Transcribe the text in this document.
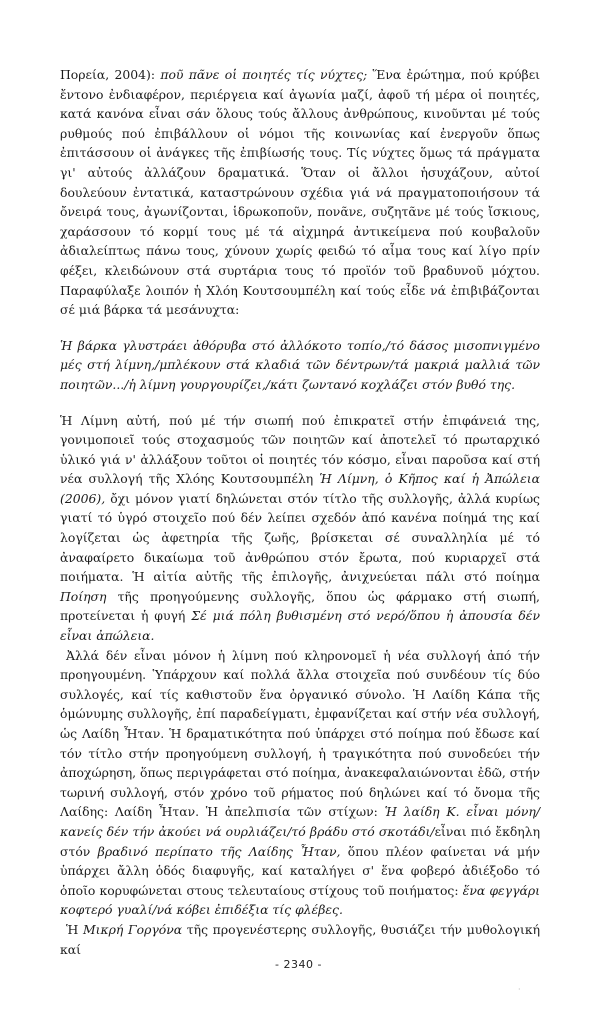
Πορεία, 2004): ποῦ πᾶνε οἱ ποιητές τίς νύχτες; Ἕνα ἐρώτημα, πού κρύβει ἔντονο ἐνδιαφέρον, περιέργεια καί ἀγωνία μαζί, ἀφοῦ τή μέρα οἱ ποιητές, κατά κανόνα εἶναι σάν ὅλους τούς ἄλλους ἀνθρώπους, κινοῦνται μέ τούς ρυθμούς πού ἐπιβάλλουν οἱ νόμοι τῆς κοινωνίας καί ἐνεργοῦν ὅπως ἐπιτάσσουν οἱ ἀνάγκες τῆς ἐπιβίωσής τους. Τίς νύχτες ὅμως τά πράγματα γι' αὐτούς ἀλλάζουν δραματικά. Ὅταν οἱ ἄλλοι ἡσυχάζουν, αὐτοί δουλεύουν ἐντατικά, καταστρώνουν σχέδια γιά νά πραγματοποιήσουν τά ὄνειρά τους, ἀγωνίζονται, ἱδρωκοποῦν, πονᾶνε, συζητᾶνε μέ τούς ἴσκιους, χαράσσουν τό κορμί τους μέ τά αἰχμηρά ἀντικείμενα πού κουβαλοῦν ἀδιαλείπτως πάνω τους, χύνουν χωρίς φειδώ τό αἷμα τους καί λίγο πρίν φέξει, κλειδώνουν στά συρτάρια τους τό προϊόν τοῦ βραδυνοῦ μόχτου. Παραφύλαξε λοιπόν ἡ Χλόη Κουτσουμπέλη καί τούς εἶδε νά ἐπιβιβάζονται σέ μιά βάρκα τά μεσάνυχτα:

Ἡ βάρκα γλυστράει ἀθόρυβα στό ἀλλόκοτο τοπίο,/τό δάσος μισοπνιγμένο μές στή λίμνη,/μπλέκουν στά κλαδιά τῶν δέντρων/τά μακριά μαλλιά τῶν ποιητῶν.../ἡ λίμνη γουργουρίζει,/κάτι ζωντανό κοχλάζει στόν βυθό της.

Ἡ Λίμνη αὐτή, πού μέ τήν σιωπή πού ἐπικρατεῖ στήν ἐπιφάνειά της, γονιμοποιεῖ τούς στοχασμούς τῶν ποιητῶν καί ἀποτελεῖ τό πρωταρχικό ὑλικό γιά ν' ἀλλάξουν τοῦτοι οἱ ποιητές τόν κόσμο, εἶναι παροῦσα καί στή νέα συλλογή τῆς Χλόης Κουτσουμπέλη Ἡ Λίμνη, ὁ Κῆπος καί ἡ Ἀπώλεια (2006), ὄχι μόνον γιατί δηλώνεται στόν τίτλο τῆς συλλογῆς, ἀλλά κυρίως γιατί τό ὑγρό στοιχεῖο πού δέν λείπει σχεδόν ἀπό κανένα ποίημά της καί λογίζεται ὡς ἀφετηρία τῆς ζωῆς, βρίσκεται σέ συναλληλία μέ τό ἀναφαίρετο δικαίωμα τοῦ ἀνθρώπου στόν ἔρωτα, πού κυριαρχεῖ στά ποιήματα. Ἡ αἰτία αὐτῆς τῆς ἐπιλογῆς, ἀνιχνεύεται πάλι στό ποίημα Ποίηση τῆς προηγούμενης συλλογῆς, ὅπου ὡς φάρμακο στή σιωπή, προτείνεται ἡ φυγή Σέ μιά πόλη βυθισμένη στό νερό/ὅπου ἡ ἀπουσία δέν εἶναι ἀπώλεια.

Ἀλλά δέν εἶναι μόνον ἡ λίμνη πού κληρονομεῖ ἡ νέα συλλογή ἀπό τήν προηγουμένη. Ὑπάρχουν καί πολλά ἄλλα στοιχεῖα πού συνδέουν τίς δύο συλλογές, καί τίς καθιστοῦν ἕνα ὀργανικό σύνολο. Ἡ Λαίδη Κάπα τῆς ὁμώνυμης συλλογῆς, ἐπί παραδείγματι, ἐμφανίζεται καί στήν νέα συλλογή, ὡς Λαίδη Ἦταν. Ἡ δραματικότητα πού ὑπάρχει στό ποίημα πού ἔδωσε καί τόν τίτλο στήν προηγούμενη συλλογή, ἡ τραγικότητα πού συνοδεύει τήν ἀποχώρηση, ὅπως περιγράφεται στό ποίημα, ἀνακεφαλαιώνονται ἐδῶ, στήν τωρινή συλλογή, στόν χρόνο τοῦ ρήματος πού δηλώνει καί τό ὄνομα τῆς Λαίδης: Λαίδη Ἦταν. Ἡ ἀπελπισία τῶν στίχων: Ἡ λαίδη Κ. εἶναι μόνη/κανείς δέν τήν ἀκούει νά ουρλιάζει/τό βράδυ στό σκοτάδι/εἶναι πιό ἔκδηλη στόν βραδινό περίπατο τῆς Λαίδης Ἦταν, ὅπου πλέον φαίνεται νά μήν ὑπάρχει ἄλλη ὁδός διαφυγῆς, καί καταλήγει σ' ἕνα φοβερό ἀδιέξοδο τό ὁποῖο κορυφώνεται στους τελευταίους στίχους τοῦ ποιήματος: ἕνα φεγγάρι κοφτερό γυαλί/νά κόβει ἐπιδέξια τίς φλέβες.

Ἡ Μικρή Γοργόνα τῆς προγενέστερης συλλογῆς, θυσιάζει τήν μυθολογική καί

- 2340 -
·
